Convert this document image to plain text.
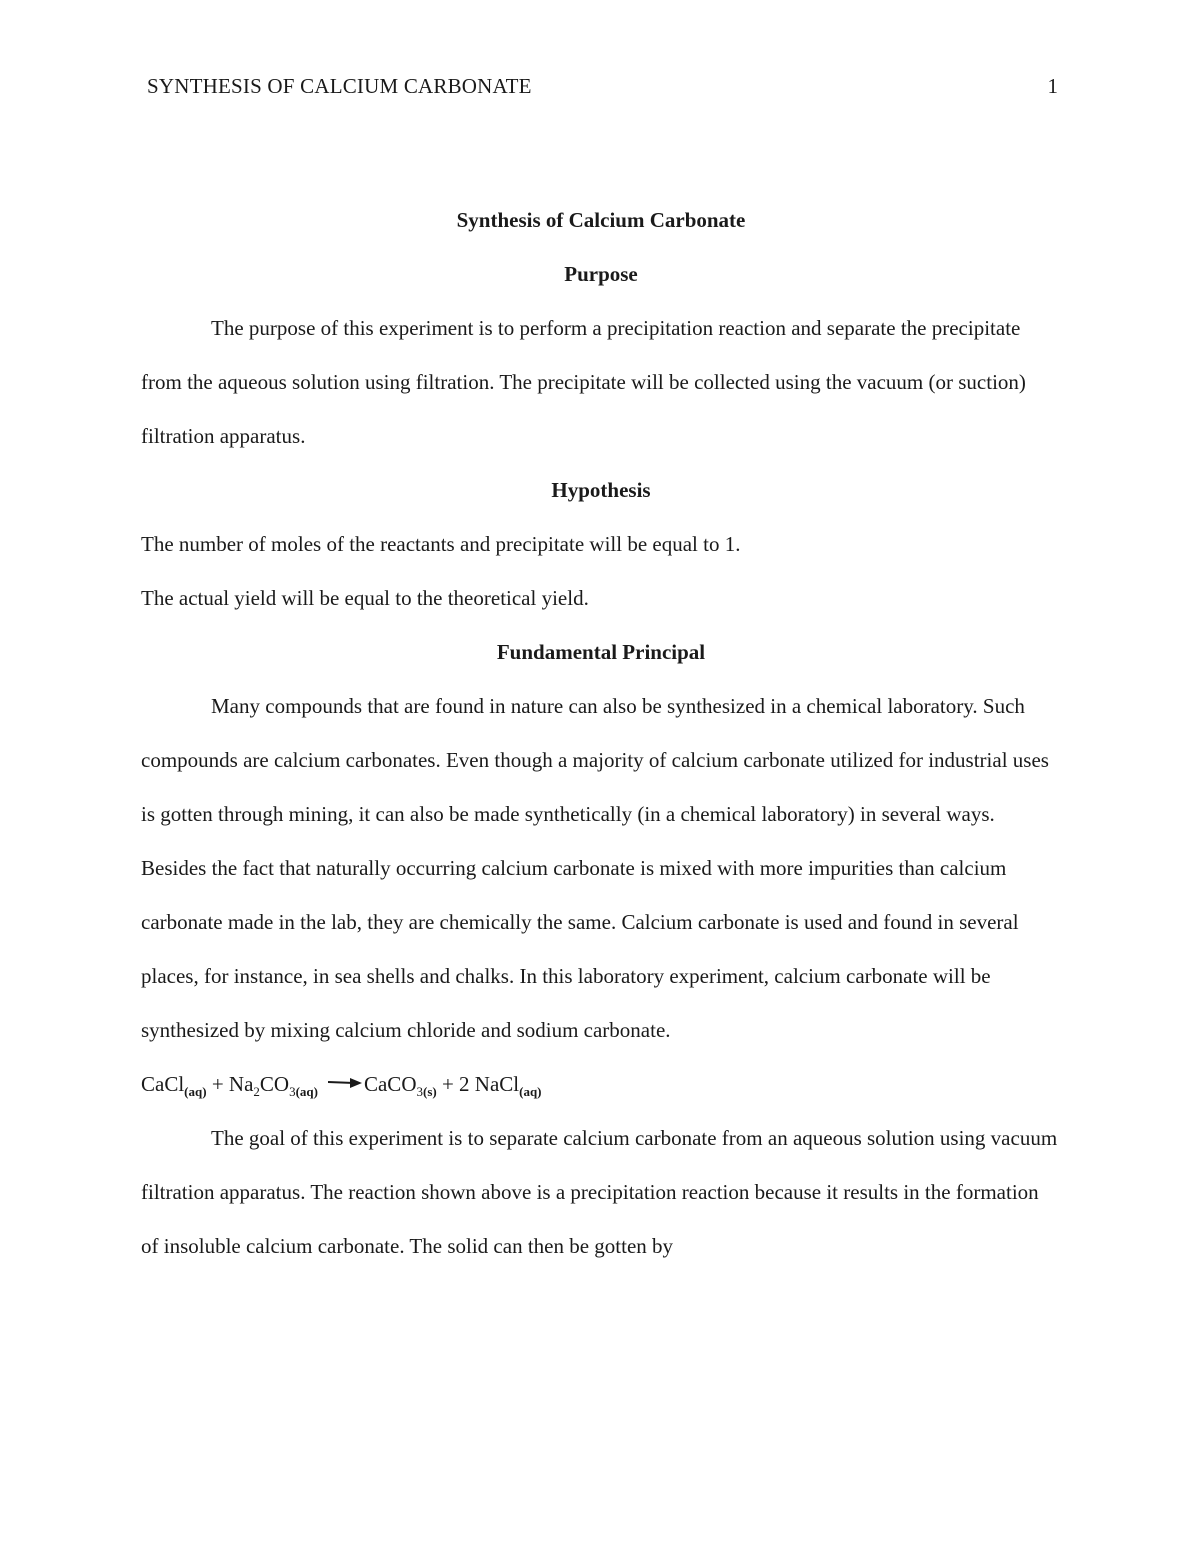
SYNTHESIS OF CALCIUM CARBONATE	1
Synthesis of Calcium Carbonate
Purpose

The purpose of this experiment is to perform a precipitation reaction and separate the precipitate from the aqueous solution using filtration. The precipitate will be collected using the vacuum (or suction) filtration apparatus.

Hypothesis

The number of moles of the reactants and precipitate will be equal to 1.

The actual yield will be equal to the theoretical yield.

Fundamental Principal

Many compounds that are found in nature can also be synthesized in a chemical laboratory. Such compounds are calcium carbonates. Even though a majority of calcium carbonate utilized for industrial uses is gotten through mining, it can also be made synthetically (in a chemical laboratory) in several ways. Besides the fact that naturally occurring calcium carbonate is mixed with more impurities than calcium carbonate made in the lab, they are chemically the same. Calcium carbonate is used and found in several places, for instance, in sea shells and chalks. In this laboratory experiment, calcium carbonate will be synthesized by mixing calcium chloride and sodium carbonate.

CaCl$_{(aq)}$ + $Na_2CO_{3(aq)}$ CaCO$_{3(s)}$ + 2 NaCl$_{(aq)}$

The goal of this experiment is to separate calcium carbonate from an aqueous solution using vacuum filtration apparatus. The reaction shown above is a precipitation reaction because it results in the formation of insoluble calcium carbonate. The solid can then be gotten by
